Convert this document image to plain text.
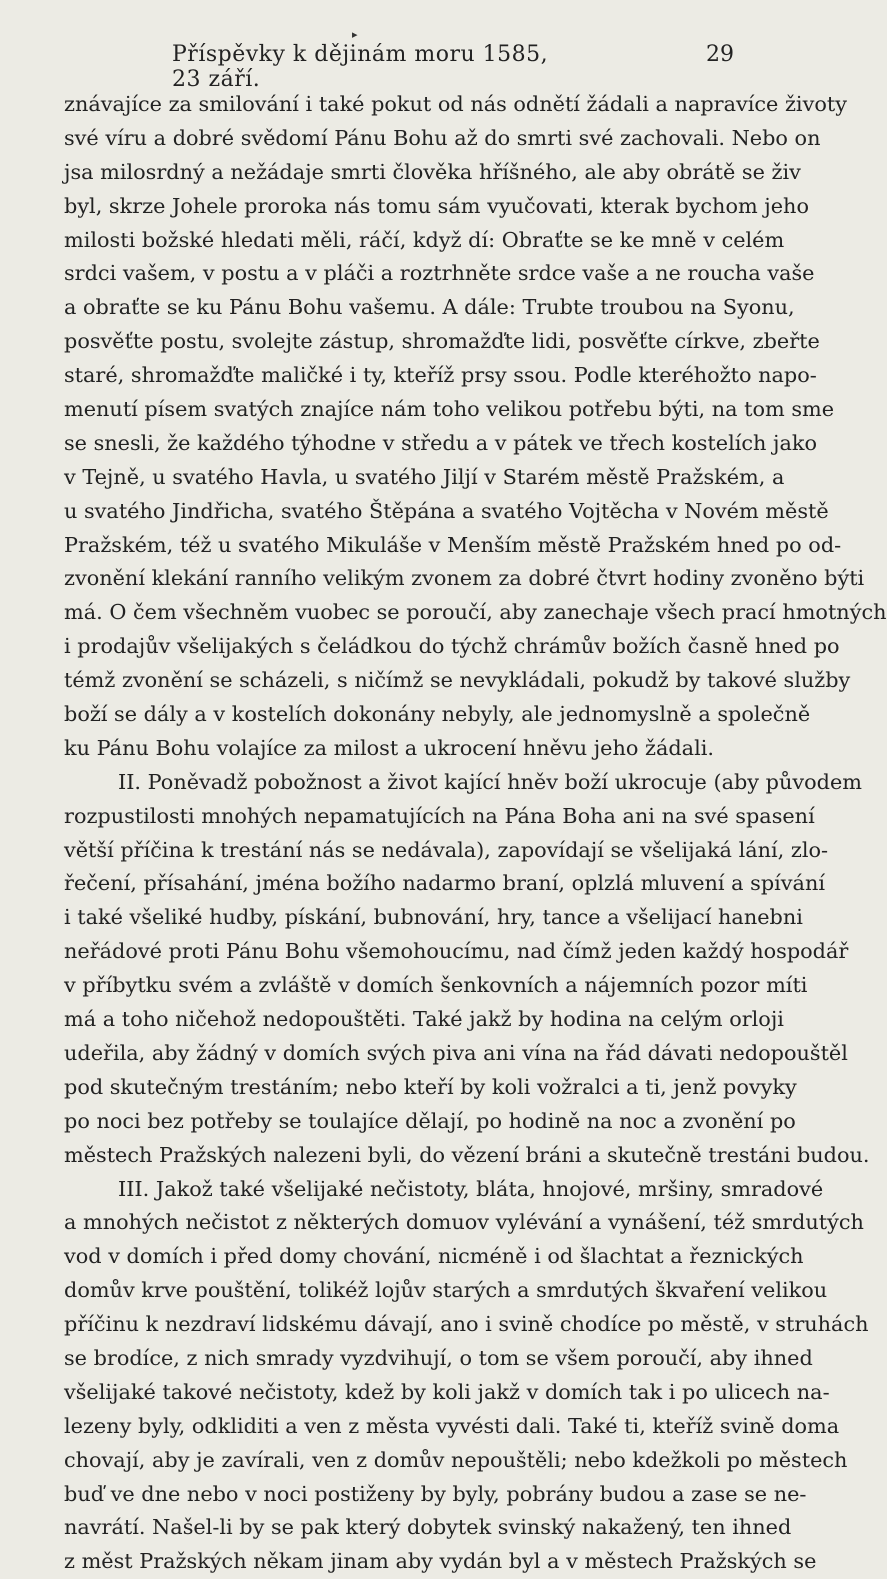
▸
Příspěvky k dějinám moru 1585, 23 září.
29
znávajíce za smilování i také pokut od nás odnětí žádali a napravíce životy
své víru a dobré svědomí Pánu Bohu až do smrti své zachovali. Nebo on
jsa milosrdný a nežádaje smrti člověka hříšného, ale aby obrátě se živ
byl, skrze Johele proroka nás tomu sám vyučovati, kterak bychom jeho
milosti božské hledati měli, ráčí, když dí: Obraťte se ke mně v celém
srdci vašem, v postu a v pláči a roztrhněte srdce vaše a ne roucha vaše
a obraťte se ku Pánu Bohu vašemu. A dále: Trubte troubou na Syonu,
posvěťte postu, svolejte zástup, shromažďte lidi, posvěťte církve, zbeřte
staré, shromažďte maličké i ty, kteříž prsy ssou. Podle kteréhožto napo-
menutí písem svatých znajíce nám toho velikou potřebu býti, na tom sme
se snesli, že každého týhodne v středu a v pátek ve třech kostelích jako
v Tejně, u svatého Havla, u svatého Jiljí v Starém městě Pražském, a
u svatého Jindřicha, svatého Štěpána a svatého Vojtěcha v Novém městě
Pražském, též u svatého Mikuláše v Menším městě Pražském hned po od-
zvonění klekání ranního velikým zvonem za dobré čtvrt hodiny zvoněno býti
má. O čem všechněm vuobec se poroučí, aby zanechaje všech prací hmotných
i prodajův všelijakých s čeládkou do týchž chrámův božích časně hned po
témž zvonění se scházeli, s ničímž se nevykládali, pokudž by takové služby
boží se dály a v kostelích dokonány nebyly, ale jednomyslně a společně
ku Pánu Bohu volajíce za milost a ukrocení hněvu jeho žádali.
II. Poněvadž pobožnost a život kající hněv boží ukrocuje (aby původem
rozpustilosti mnohých nepamatujících na Pána Boha ani na své spasení
větší příčina k trestání nás se nedávala), zapovídají se všelijaká lání, zlo-
řečení, přísahání, jména božího nadarmo braní, oplzlá mluvení a spívání
i také všeliké hudby, pískání, bubnování, hry, tance a všelijací hanebni
neřádové proti Pánu Bohu všemohoucímu, nad čímž jeden každý hospodář
v příbytku svém a zvláště v domích šenkovních a nájemních pozor míti
má a toho ničehož nedopouštěti. Také jakž by hodina na celým orloji
udeřila, aby žádný v domích svých piva ani vína na řád dávati nedopouštěl
pod skutečným trestáním; nebo kteří by koli vožralci a ti, jenž povyky
po noci bez potřeby se toulajíce dělají, po hodině na noc a zvonění po
městech Pražských nalezeni byli, do vězení bráni a skutečně trestáni budou.
III. Jakož také všelijaké nečistoty, bláta, hnojové, mršiny, smradové
a mnohých nečistot z některých domuov vylévání a vynášení, též smrdutých
vod v domích i před domy chování, nicméně i od šlachtat a řeznických
domův krve pouštění, tolikéž lojův starých a smrdutých škvaření velikou
příčinu k nezdraví lidskému dávají, ano i svině chodíce po městě, v struhách
se brodíce, z nich smrady vyzdvihují, o tom se všem poroučí, aby ihned
všelijaké takové nečistoty, kdež by koli jakž v domích tak i po ulicech na-
lezeny byly, odkliditi a ven z města vyvésti dali. Také ti, kteříž svině doma
chovají, aby je zavírali, ven z domův nepouštěli; nebo kdežkoli po městech
buď ve dne nebo v noci postiženy by byly, pobrány budou a zase se ne-
navrátí. Našel-li by se pak který dobytek svinský nakažený, ten ihned
z měst Pražských někam jinam aby vydán byl a v městech Pražských se
